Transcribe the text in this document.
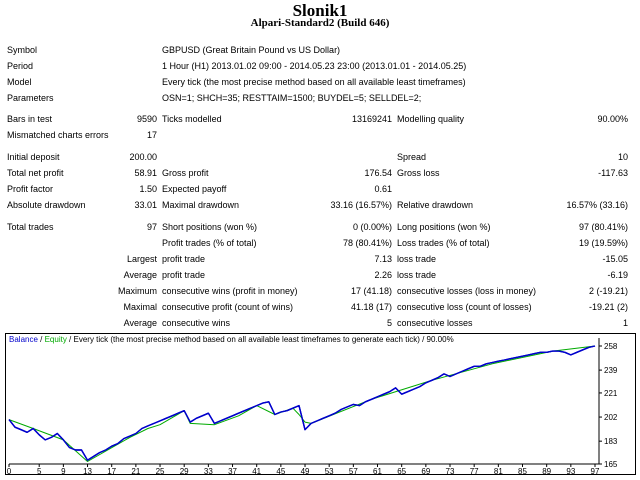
Slonik1
Alpari-Standard2 (Build 646)
Symbol	GBPUSD (Great Britain Pound vs US Dollar)
Period	1 Hour (H1) 2013.01.02 09:00 - 2014.05.23 23:00 (2013.01.01 - 2014.05.25)
Model	Every tick (the most precise method based on all available least timeframes)
Parameters	OSN=1; SHCH=35; RESTTAIM=1500; BUYDEL=5; SELLDEL=2;
Bars in test	9590 Ticks modelled	13169241 Modelling quality	90.00%
Mismatched charts errors	17
Initial deposit	200.00	Spread	10
Total net profit	58.91 Gross profit	176.54 Gross loss	-117.63
Profit factor	1.50 Expected payoff	0.61
Absolute drawdown	33.01 Maximal drawdown	33.16 (16.57%) Relative drawdown	16.57% (33.16)
Total trades	97 Short positions (won %)	0 (0.00%) Long positions (won %)	97 (80.41%)
Profit trades (% of total)	78 (80.41%) Loss trades (% of total)	19 (19.59%)
Largest profit trade	7.13 loss trade	-15.05
Average profit trade	2.26 loss trade	-6.19
Maximum consecutive wins (profit in money)	17 (41.18) consecutive losses (loss in money)	2 (-19.21)
Maximal consecutive profit (count of wins)	41.18 (17) consecutive loss (count of losses)	-19.21 (2)
Average consecutive wins	5 consecutive losses	1
0	5 9 13 17 21 25 29 33 37 41 45 49 53 57 61 65 69 73 77 81 85 89 93 97
258
239
221
202
183
165
Balance / Equity / Every tick (the most precise method based on all available least timeframes to generate each tick) / 90.00%
